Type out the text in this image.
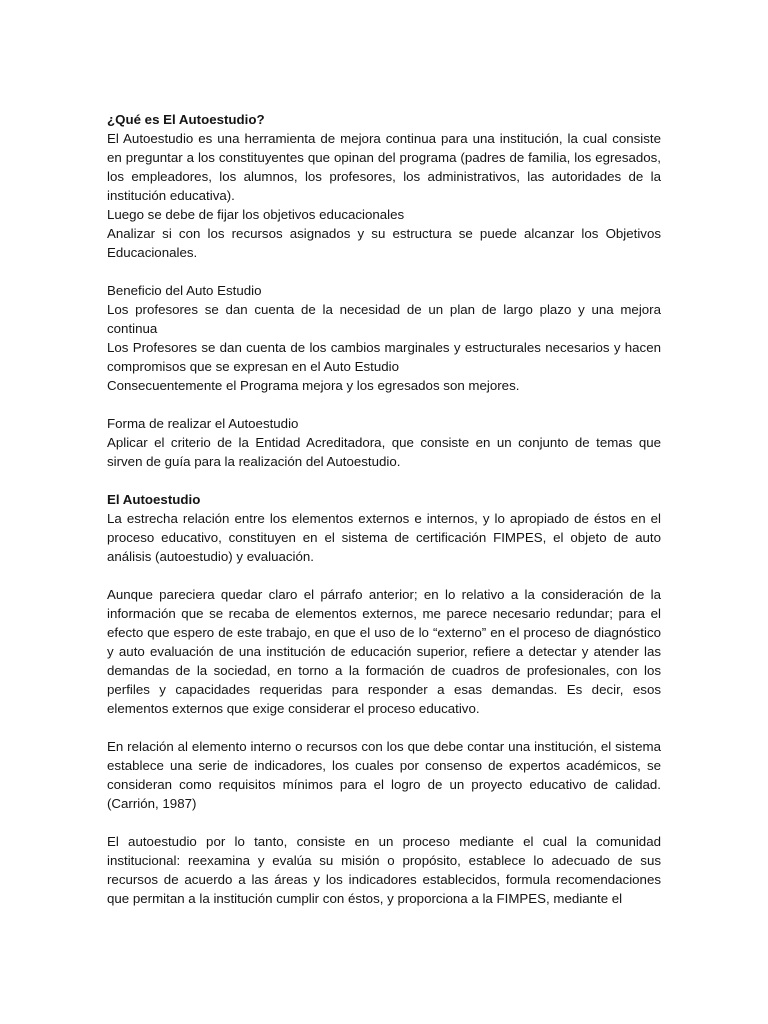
¿Qué es El Autoestudio?

El Autoestudio es una herramienta de mejora continua para una institución, la cual consiste en preguntar a los constituyentes que opinan del programa (padres de familia, los egresados, los empleadores, los alumnos, los profesores, los administrativos, las autoridades de la institución educativa).

Luego se debe de fijar los objetivos educacionales

Analizar si con los recursos asignados y su estructura se puede alcanzar los Objetivos Educacionales.

Beneficio del Auto Estudio

Los profesores se dan cuenta de la necesidad de un plan de largo plazo y una mejora continua

Los Profesores se dan cuenta de los cambios marginales y estructurales necesarios y hacen compromisos que se expresan en el Auto Estudio

Consecuentemente el Programa mejora y los egresados son mejores.

Forma de realizar el Autoestudio

Aplicar el criterio de la Entidad Acreditadora, que consiste en un conjunto de temas que sirven de guía para la realización del Autoestudio.

El Autoestudio

La estrecha relación entre los elementos externos e internos, y lo apropiado de éstos en el proceso educativo, constituyen en el sistema de certificación FIMPES, el objeto de auto análisis (autoestudio) y evaluación.

Aunque pareciera quedar claro el párrafo anterior; en lo relativo a la consideración de la información que se recaba de elementos externos, me parece necesario redundar; para el efecto que espero de este trabajo, en que el uso de lo “externo” en el proceso de diagnóstico y auto evaluación de una institución de educación superior, refiere a detectar y atender las demandas de la sociedad, en torno a la formación de cuadros de profesionales, con los perfiles y capacidades requeridas para responder a esas demandas. Es decir, esos elementos externos que exige considerar el proceso educativo.

En relación al elemento interno o recursos con los que debe contar una institución, el sistema establece una serie de indicadores, los cuales por consenso de expertos académicos, se consideran como requisitos mínimos para el logro de un proyecto educativo de calidad. (Carrión, 1987)

El autoestudio por lo tanto, consiste en un proceso mediante el cual la comunidad institucional: reexamina y evalúa su misión o propósito, establece lo adecuado de sus recursos de acuerdo a las áreas y los indicadores establecidos, formula recomendaciones que permitan a la institución cumplir con éstos, y proporciona a la FIMPES, mediante el
